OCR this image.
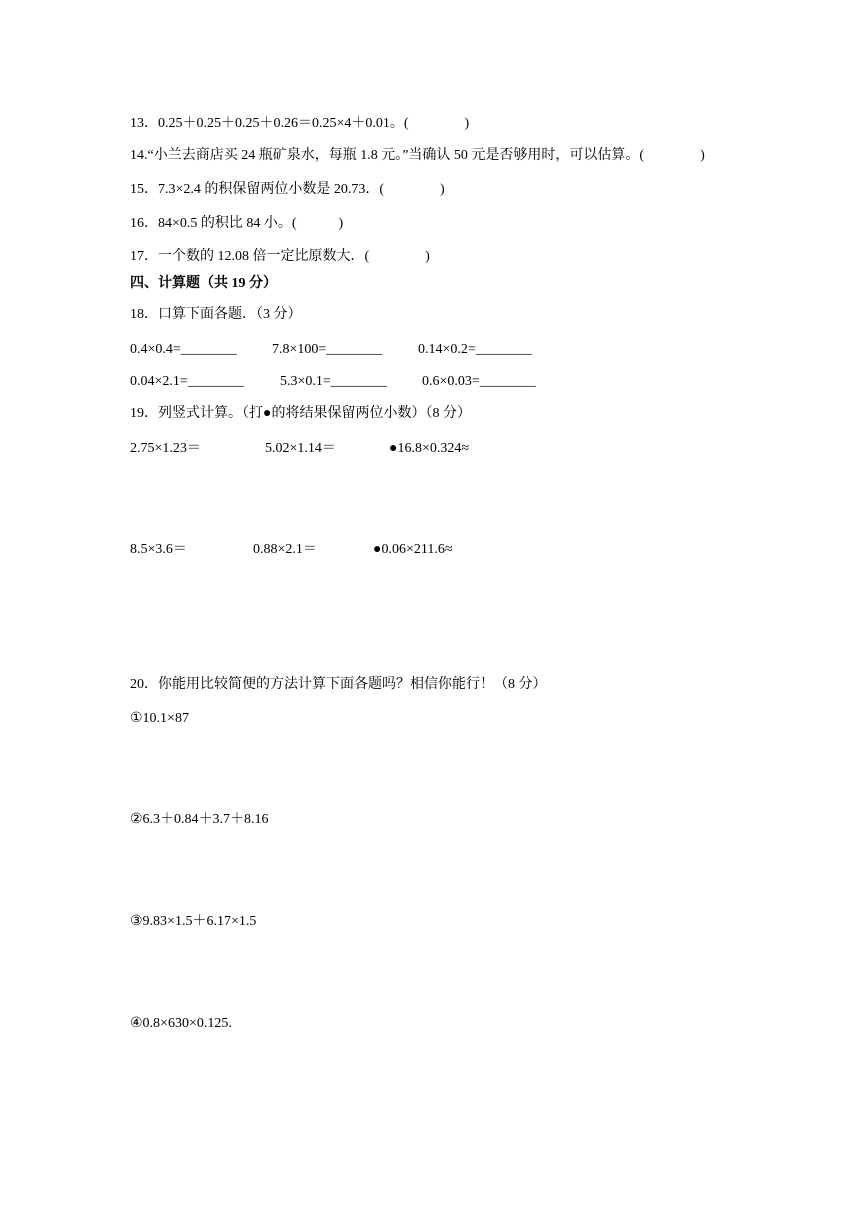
13．0.25＋0.25＋0.25＋0.26＝0.25×4＋0.01。(　　　　)
14.“小兰去商店买 24 瓶矿泉水，每瓶 1.8 元。”当确认 50 元是否够用时，可以估算。(　　　　)
15．7.3×2.4 的积保留两位小数是 20.73．(　　　　)
16．84×0.5 的积比 84 小。(　　　)
17．一个数的 12.08 倍一定比原数大．(　　　　)
四、计算题（共 19 分）
18．口算下面各题．（3 分）
0.4×0.4=________	7.8×100=________	0.14×0.2=________
0.04×2.1=________	5.3×0.1=________	0.6×0.03=________
19．列竖式计算。（打●的将结果保留两位小数）（8 分）
2.75×1.23＝	5.02×1.14＝	●16.8×0.324≈
8.5×3.6＝	0.88×2.1＝	●0.06×211.6≈
20．你能用比较简便的方法计算下面各题吗？相信你能行！（8 分）
①10.1×87
②6.3＋0.84＋3.7＋8.16
③9.83×1.5＋6.17×1.5
④0.8×630×0.125.
